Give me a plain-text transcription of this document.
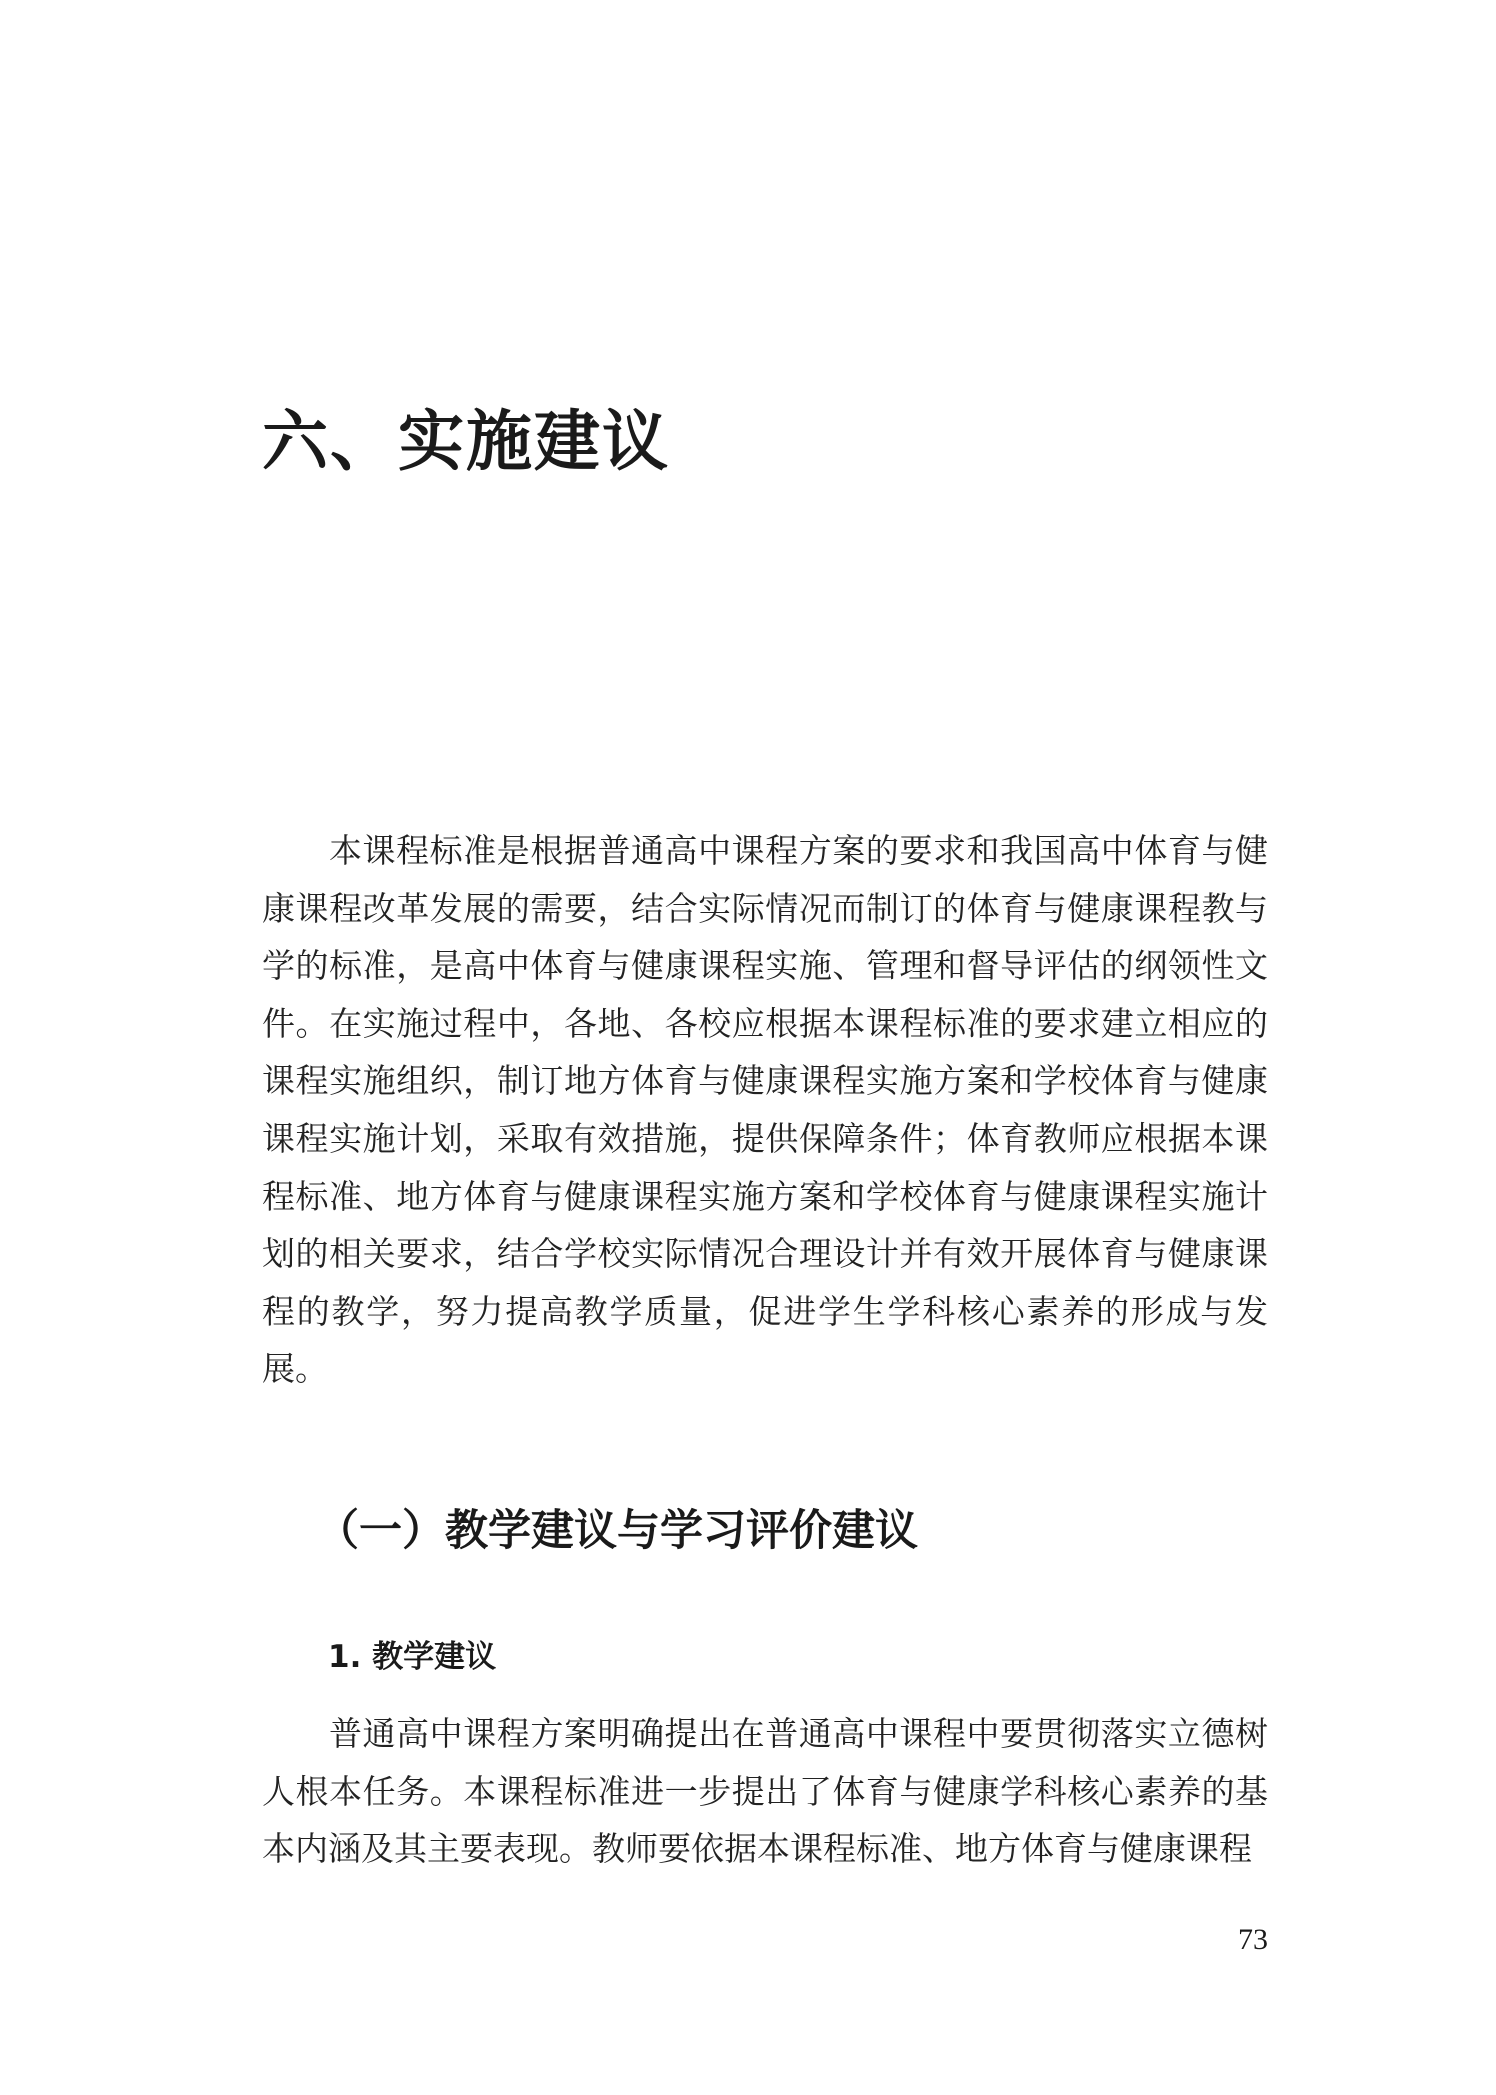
六、实施建议

本课程标准是根据普通高中课程方案的要求和我国高中体育与健康课程改革发展的需要，结合实际情况而制订的体育与健康课程教与学的标准，是高中体育与健康课程实施、管理和督导评估的纲领性文件。在实施过程中，各地、各校应根据本课程标准的要求建立相应的课程实施组织，制订地方体育与健康课程实施方案和学校体育与健康课程实施计划，采取有效措施，提供保障条件；体育教师应根据本课程标准、地方体育与健康课程实施方案和学校体育与健康课程实施计划的相关要求，结合学校实际情况合理设计并有效开展体育与健康课程的教学，努力提高教学质量，促进学生学科核心素养的形成与发展。

（一）教学建议与学习评价建议
1. 教学建议

普通高中课程方案明确提出在普通高中课程中要贯彻落实立德树人根本任务。本课程标准进一步提出了体育与健康学科核心素养的基本内涵及其主要表现。教师要依据本课程标准、地方体育与健康课程

73
